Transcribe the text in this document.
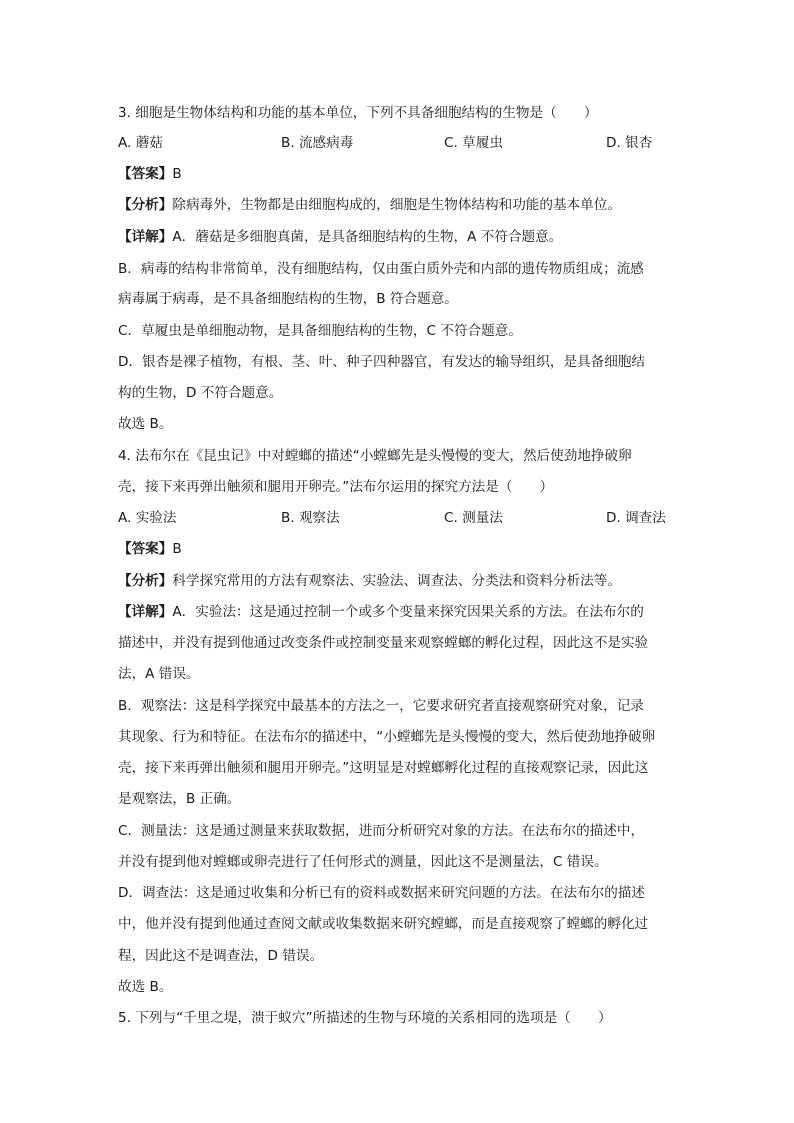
3. 细胞是生物体结构和功能的基本单位，下列不具备细胞结构的生物是（　　）
A. 蘑菇	B. 流感病毒	C. 草履虫	D. 银杏
【答案】B
【分析】除病毒外，生物都是由细胞构成的，细胞是生物体结构和功能的基本单位。
【详解】A．蘑菇是多细胞真菌，是具备细胞结构的生物，A 不符合题意。
B．病毒的结构非常简单，没有细胞结构，仅由蛋白质外壳和内部的遗传物质组成；流感
病毒属于病毒，是不具备细胞结构的生物，B 符合题意。
C．草履虫是单细胞动物，是具备细胞结构的生物，C 不符合题意。
D．银杏是裸子植物，有根、茎、叶、种子四种器官，有发达的输导组织，是具备细胞结
构的生物，D 不符合题意。
故选 B。
4. 法布尔在《昆虫记》中对螳螂的描述“小螳螂先是头慢慢的变大，然后使劲地挣破卵
壳，接下来再弹出触须和腿用开卵壳。”法布尔运用的探究方法是（　　）
A. 实验法	B. 观察法	C. 测量法	D. 调查法
【答案】B
【分析】科学探究常用的方法有观察法、实验法、调查法、分类法和资料分析法等。
【详解】A．实验法：这是通过控制一个或多个变量来探究因果关系的方法。在法布尔的
描述中，并没有提到他通过改变条件或控制变量来观察螳螂的孵化过程，因此这不是实验
法，A 错误。
B．观察法：这是科学探究中最基本的方法之一，它要求研究者直接观察研究对象，记录
其现象、行为和特征。在法布尔的描述中，“小螳螂先是头慢慢的变大，然后使劲地挣破卵
壳，接下来再弹出触须和腿用开卵壳。”这明显是对螳螂孵化过程的直接观察记录，因此这
是观察法，B 正确。
C．测量法：这是通过测量来获取数据，进而分析研究对象的方法。在法布尔的描述中，
并没有提到他对螳螂或卵壳进行了任何形式的测量，因此这不是测量法，C 错误。
D．调查法：这是通过收集和分析已有的资料或数据来研究问题的方法。在法布尔的描述
中，他并没有提到他通过查阅文献或收集数据来研究螳螂，而是直接观察了螳螂的孵化过
程，因此这不是调查法，D 错误。
故选 B。
5. 下列与“千里之堤，溃于蚁穴”所描述的生物与环境的关系相同的选项是（　　）
